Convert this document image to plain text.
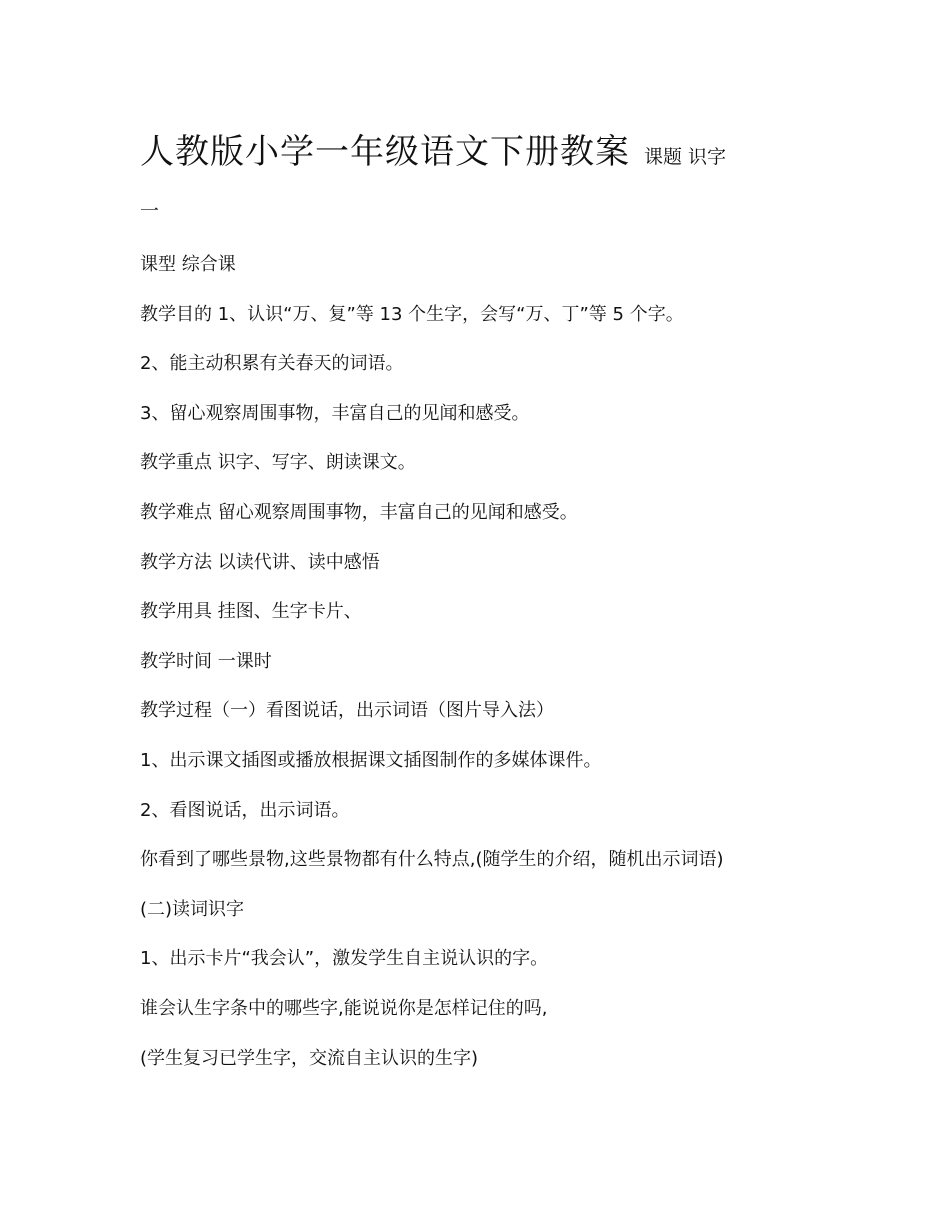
人教版小学一年级语文下册教案 课题 识字
一

课型 综合课

教学目的 1、认识“万、复”等 13 个生字，会写“万、丁”等 5 个字。

2、能主动积累有关春天的词语。

3、留心观察周围事物，丰富自己的见闻和感受。

教学重点 识字、写字、朗读课文。

教学难点 留心观察周围事物，丰富自己的见闻和感受。

教学方法 以读代讲、读中感悟

教学用具 挂图、生字卡片、

教学时间 一课时

教学过程（一）看图说话，出示词语（图片导入法）

1、出示课文插图或播放根据课文插图制作的多媒体课件。

2、看图说话，出示词语。

你看到了哪些景物,这些景物都有什么特点,(随学生的介绍，随机出示词语)

(二)读词识字

1、出示卡片“我会认”，激发学生自主说认识的字。

谁会认生字条中的哪些字,能说说你是怎样记住的吗,

(学生复习已学生字，交流自主认识的生字)
